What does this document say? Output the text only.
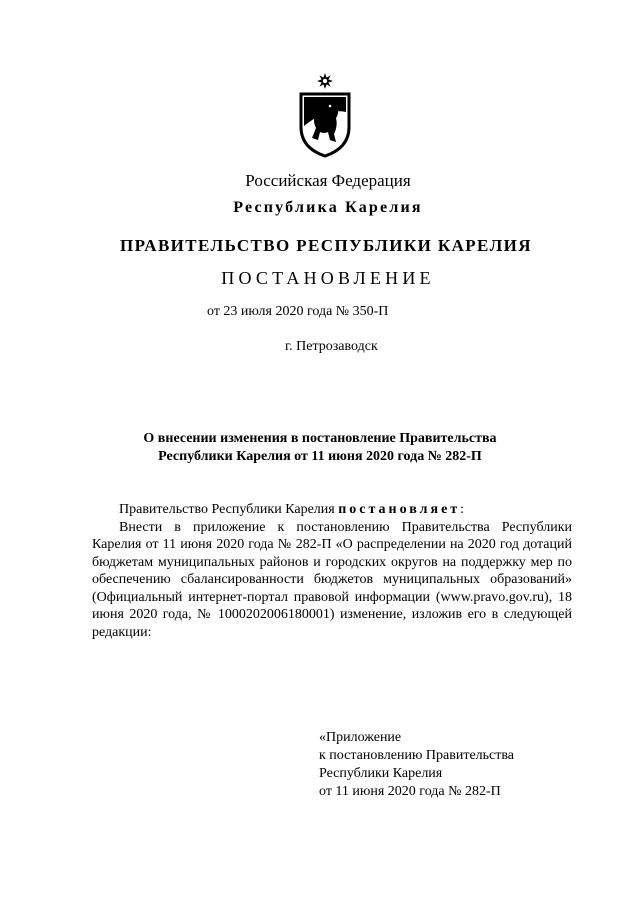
Российская Федерация
Республика Карелия
ПРАВИТЕЛЬСТВО РЕСПУБЛИКИ КАРЕЛИЯ
ПОСТАНОВЛЕНИЕ
от 23 июля 2020 года № 350-П
г. Петрозаводск
О внесении изменения в постановление Правительства
Республики Карелия от 11 июня 2020 года № 282-П

Правительство Республики Карелия постановляет:

Внести в приложение к постановлению Правительства Республики Карелия от 11 июня 2020 года № 282-П «О распределении на 2020 год дотаций бюджетам муниципальных районов и городских округов на поддержку мер по обеспечению сбалансированности бюджетов муниципальных образований» (Официальный интернет-портал правовой информации (www.pravo.gov.ru), 18 июня 2020 года, № 1000202006180001) изменение, изложив его в следующей редакции:

«Приложение
к постановлению Правительства
Республики Карелия
от 11 июня 2020 года № 282-П
